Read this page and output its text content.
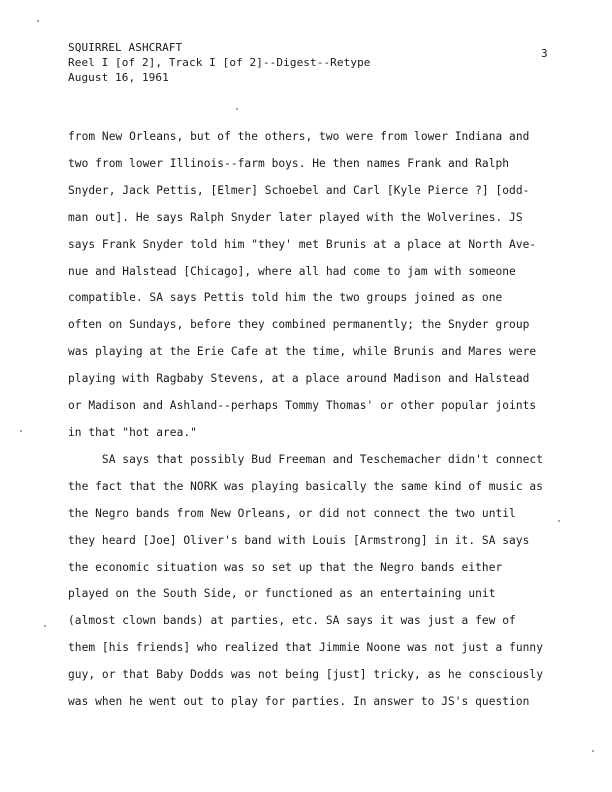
SQUIRREL ASHCRAFT
Reel I [of 2], Track I [of 2]--Digest--Retype
August 16, 1961
3
from New Orleans, but of the others, two were from lower Indiana and
two from lower Illinois--farm boys. He then names Frank and Ralph
Snyder, Jack Pettis, [Elmer] Schoebel and Carl [Kyle Pierce ?] [odd-
man out]. He says Ralph Snyder later played with the Wolverines. JS
says Frank Snyder told him "they' met Brunis at a place at North Ave-
nue and Halstead [Chicago], where all had come to jam with someone
compatible. SA says Pettis told him the two groups joined as one
often on Sundays, before they combined permanently; the Snyder group
was playing at the Erie Cafe at the time, while Brunis and Mares were
playing with Ragbaby Stevens, at a place around Madison and Halstead
or Madison and Ashland--perhaps Tommy Thomas' or other popular joints
in that "hot area."
SA says that possibly Bud Freeman and Teschemacher didn't connect
the fact that the NORK was playing basically the same kind of music as
the Negro bands from New Orleans, or did not connect the two until
they heard [Joe] Oliver's band with Louis [Armstrong] in it. SA says
the economic situation was so set up that the Negro bands either
played on the South Side, or functioned as an entertaining unit
(almost clown bands) at parties, etc. SA says it was just a few of
them [his friends] who realized that Jimmie Noone was not just a funny
guy, or that Baby Dodds was not being [just] tricky, as he consciously
was when he went out to play for parties. In answer to JS's question
